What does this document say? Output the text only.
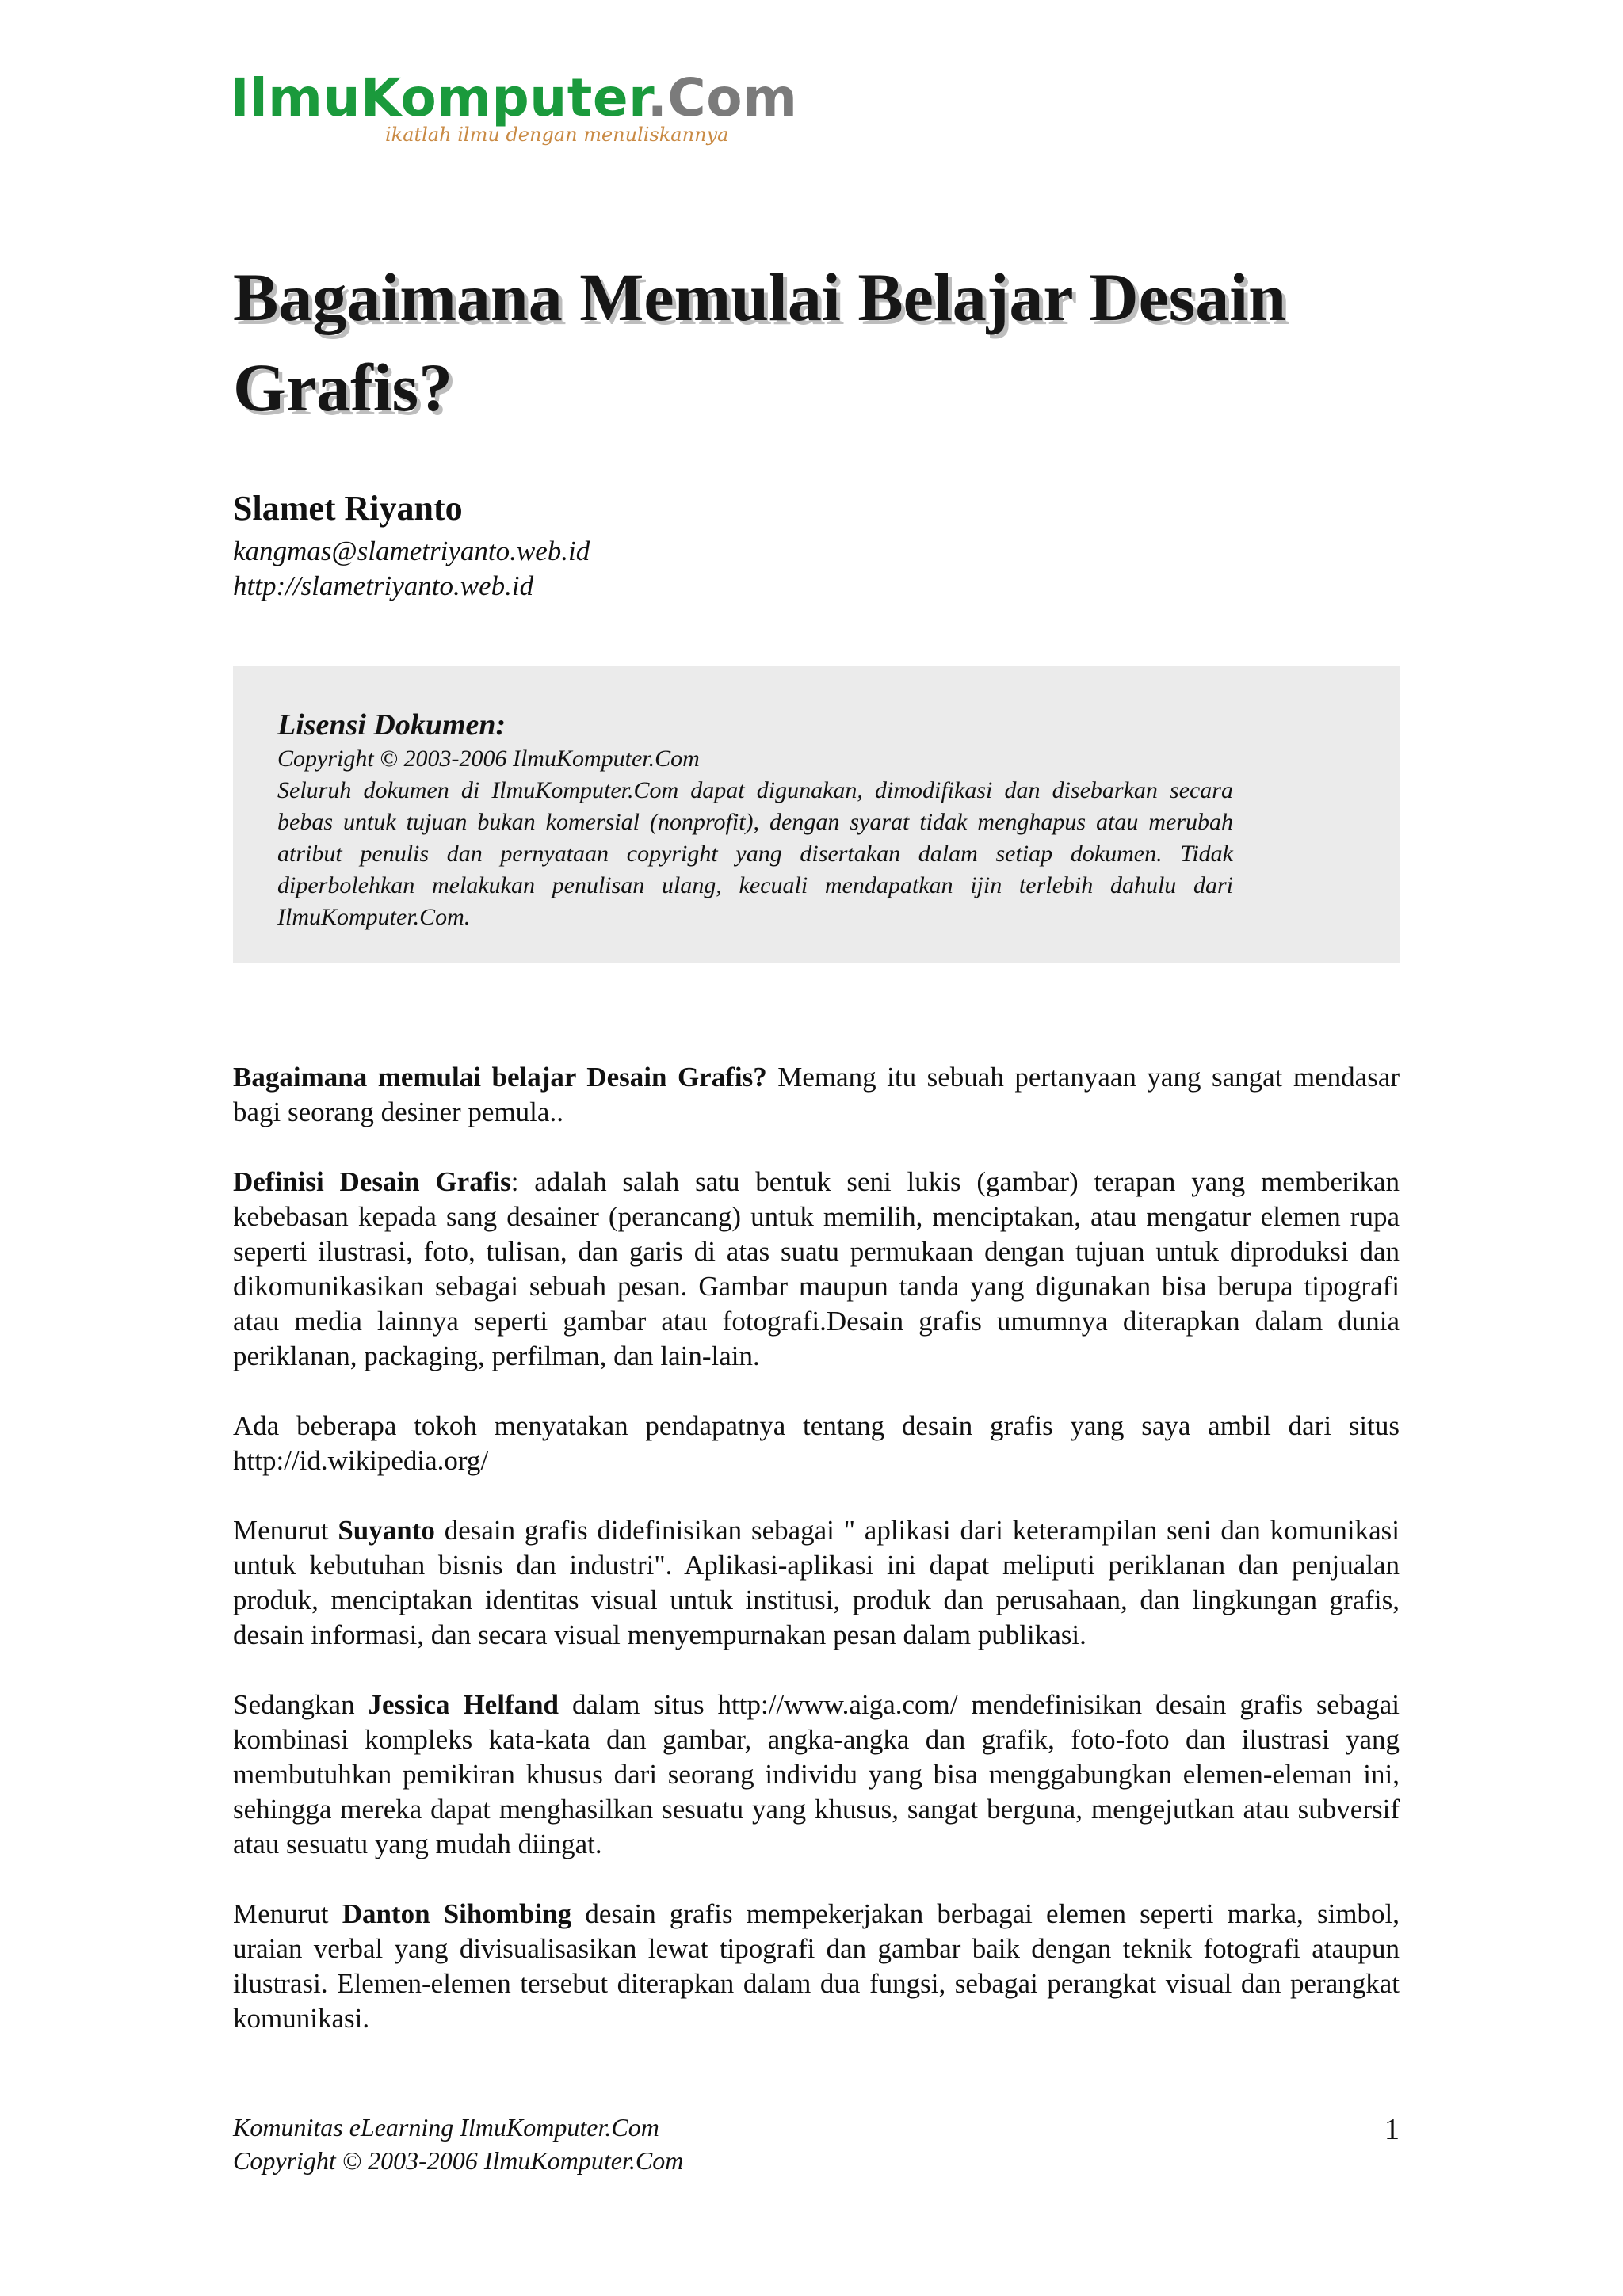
IlmuKomputer.Com
ikatlah ilmu dengan menuliskannya
Bagaimana Memulai Belajar Desain Grafis?
Slamet Riyanto
kangmas@slametriyanto.web.id
http://slametriyanto.web.id
Lisensi Dokumen:
Copyright © 2003-2006 IlmuKomputer.Com
Seluruh dokumen di IlmuKomputer.Com dapat digunakan, dimodifikasi dan disebarkan secara bebas untuk tujuan bukan komersial (nonprofit), dengan syarat tidak menghapus atau merubah atribut penulis dan pernyataan copyright yang disertakan dalam setiap dokumen. Tidak diperbolehkan melakukan penulisan ulang, kecuali mendapatkan ijin terlebih dahulu dari IlmuKomputer.Com.

Bagaimana memulai belajar Desain Grafis? Memang itu sebuah pertanyaan yang sangat mendasar bagi seorang desiner pemula..

Definisi Desain Grafis: adalah salah satu bentuk seni lukis (gambar) terapan yang memberikan kebebasan kepada sang desainer (perancang) untuk memilih, menciptakan, atau mengatur elemen rupa seperti ilustrasi, foto, tulisan, dan garis di atas suatu permukaan dengan tujuan untuk diproduksi dan dikomunikasikan sebagai sebuah pesan. Gambar maupun tanda yang digunakan bisa berupa tipografi atau media lainnya seperti gambar atau fotografi.Desain grafis umumnya diterapkan dalam dunia periklanan, packaging, perfilman, dan lain-lain.

Ada beberapa tokoh menyatakan pendapatnya tentang desain grafis yang saya ambil dari situs http://id.wikipedia.org/

Menurut Suyanto desain grafis didefinisikan sebagai " aplikasi dari keterampilan seni dan komunikasi untuk kebutuhan bisnis dan industri". Aplikasi-aplikasi ini dapat meliputi periklanan dan penjualan produk, menciptakan identitas visual untuk institusi, produk dan perusahaan, dan lingkungan grafis, desain informasi, dan secara visual menyempurnakan pesan dalam publikasi.

Sedangkan Jessica Helfand dalam situs http://www.aiga.com/ mendefinisikan desain grafis sebagai kombinasi kompleks kata-kata dan gambar, angka-angka dan grafik, foto-foto dan ilustrasi yang membutuhkan pemikiran khusus dari seorang individu yang bisa menggabungkan elemen-eleman ini, sehingga mereka dapat menghasilkan sesuatu yang khusus, sangat berguna, mengejutkan atau subversif atau sesuatu yang mudah diingat.

Menurut Danton Sihombing desain grafis mempekerjakan berbagai elemen seperti marka, simbol, uraian verbal yang divisualisasikan lewat tipografi dan gambar baik dengan teknik fotografi ataupun ilustrasi. Elemen-elemen tersebut diterapkan dalam dua fungsi, sebagai perangkat visual dan perangkat komunikasi.

Komunitas eLearning IlmuKomputer.Com
Copyright © 2003-2006 IlmuKomputer.Com
1
